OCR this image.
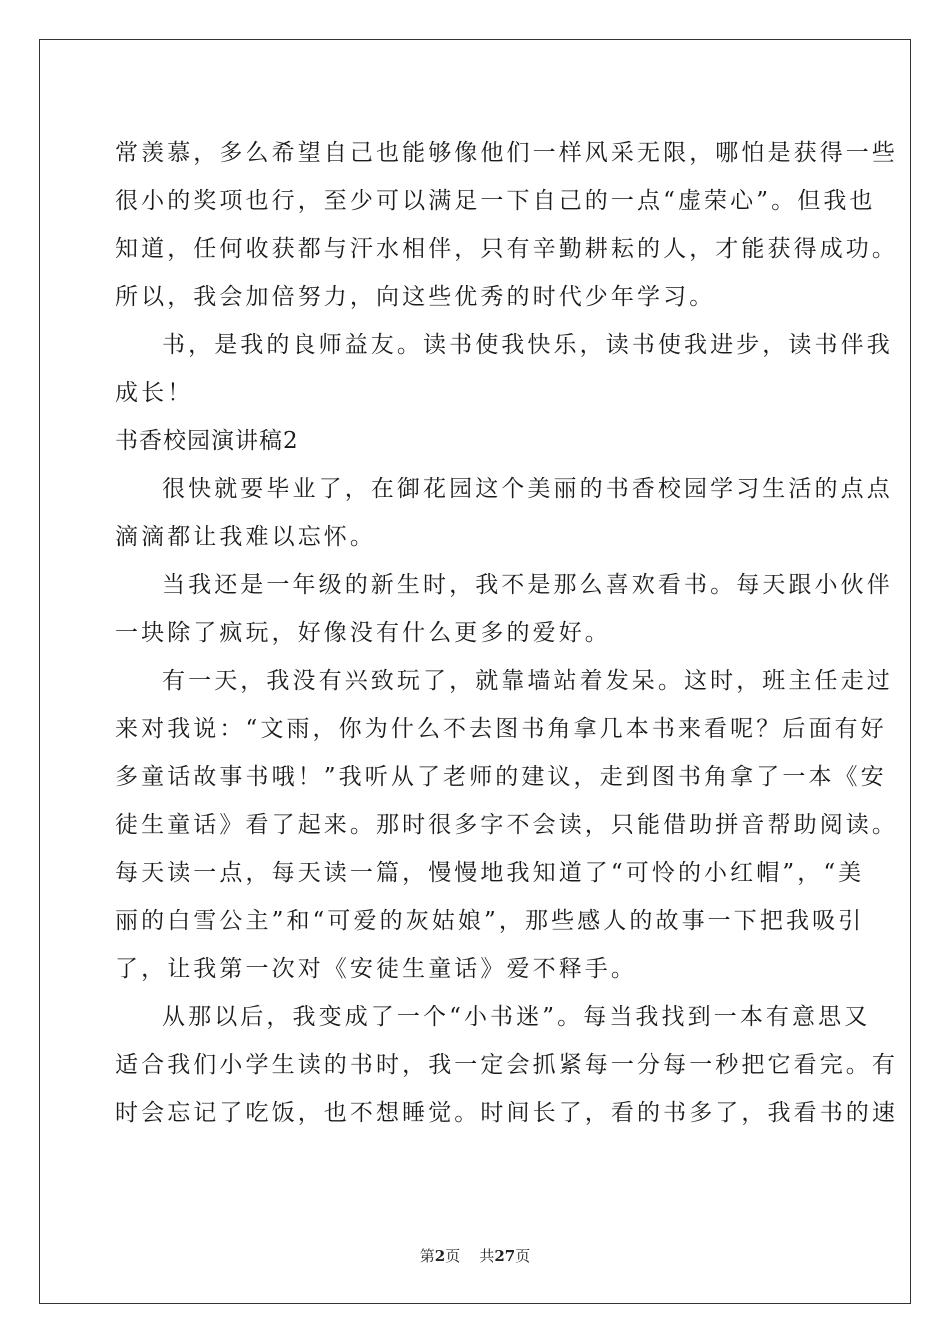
常羡慕，多么希望自己也能够像他们一样风采无限，哪怕是获得一些
很小的奖项也行，至少可以满足一下自己的一点“虚荣心”。但我也
知道，任何收获都与汗水相伴，只有辛勤耕耘的人，才能获得成功。
所以，我会加倍努力，向这些优秀的时代少年学习。
书，是我的良师益友。读书使我快乐，读书使我进步，读书伴我
成长！
书香校园演讲稿2
很快就要毕业了，在御花园这个美丽的书香校园学习生活的点点
滴滴都让我难以忘怀。
当我还是一年级的新生时，我不是那么喜欢看书。每天跟小伙伴
一块除了疯玩，好像没有什么更多的爱好。
有一天，我没有兴致玩了，就靠墙站着发呆。这时，班主任走过
来对我说：“文雨，你为什么不去图书角拿几本书来看呢？后面有好
多童话故事书哦！”我听从了老师的建议，走到图书角拿了一本《安
徒生童话》看了起来。那时很多字不会读，只能借助拼音帮助阅读。
每天读一点，每天读一篇，慢慢地我知道了“可怜的小红帽”，“美
丽的白雪公主”和“可爱的灰姑娘”，那些感人的故事一下把我吸引
了，让我第一次对《安徒生童话》爱不释手。
从那以后，我变成了一个“小书迷”。每当我找到一本有意思又
适合我们小学生读的书时，我一定会抓紧每一分每一秒把它看完。有
时会忘记了吃饭，也不想睡觉。时间长了，看的书多了，我看书的速
第2页 共27页
